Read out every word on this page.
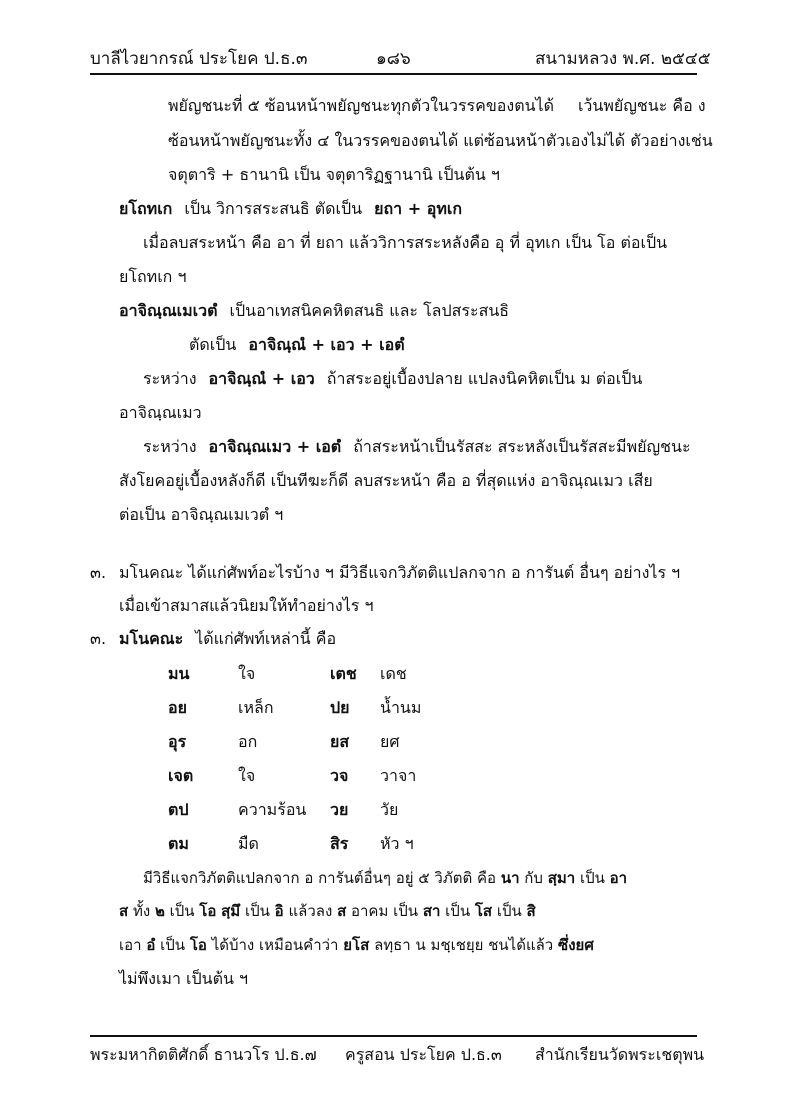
บาลีไวยากรณ์ ประโยค ป.ธ.๓	๑๘๖	สนามหลวง พ.ศ. ๒๕๔๕
พยัญชนะที่ ๕ ซ้อนหน้าพยัญชนะทุกตัวในวรรคของตนได้ เว้นพยัญชนะ คือ ง
ซ้อนหน้าพยัญชนะทั้ง ๔ ในวรรคของตนได้ แต่ซ้อนหน้าตัวเองไม่ได้ ตัวอย่างเช่น
จตุตาริ + ธานานิ เป็น จตุตาริฏฐานานิ เป็นต้น ฯ
ยโถทเก เป็น วิการสระสนธิ ตัดเป็น ยถา + อุทเก
เมื่อลบสระหน้า คือ อา ที่ ยถา แล้ววิการสระหลังคือ อุ ที่ อุทเก เป็น โอ ต่อเป็น
ยโถทเก ฯ
อาจิณฺณเมเวตํ เป็นอาเทสนิคคหิตสนธิ และ โลปสระสนธิ
ตัดเป็น อาจิณฺณํ + เอว + เอตํ
ระหว่าง อาจิณฺณํ + เอว ถ้าสระอยู่เบื้องปลาย แปลงนิคหิตเป็น ม ต่อเป็น
อาจิณฺณเมว
ระหว่าง อาจิณฺณเมว + เอตํ ถ้าสระหน้าเป็นรัสสะ สระหลังเป็นรัสสะมีพยัญชนะ
สังโยคอยู่เบื้องหลังก็ดี เป็นทีฆะก็ดี ลบสระหน้า คือ อ ที่สุดแห่ง อาจิณฺณเมว เสีย
ต่อเป็น อาจิณฺณเมเวตํ ฯ
๓. มโนคณะ ได้แก่ศัพท์อะไรบ้าง ฯ มีวิธีแจกวิภัตติแปลกจาก อ การันต์ อื่นๆ อย่างไร ฯ
เมื่อเข้าสมาสแล้วนิยมให้ทำอย่างไร ฯ
๓. มโนคณะ ได้แก่ศัพท์เหล่านี้ คือ
มน	ใจ	เตช เดช
อย	เหล็ก	ปย น้ำนม
อุร	อก	ยส ยศ
เจต	ใจ	วจ วาจา
ตป	ความร้อน วย วัย
ตม	มืด	สิร หัว ฯ
มีวิธีแจกวิภัตติแปลกจาก อ การันต์อื่นๆ อยู่ ๕ วิภัตติ คือ นา กับ สฺมา เป็น อา
ส ทั้ง ๒ เป็น โอ สฺมึ เป็น อิ แล้วลง ส อาคม เป็น สา เป็น โส เป็น สิ
เอา อํ เป็น โอ ได้บ้าง เหมือนคำว่า ยโส ลทฺธา น มชฺเชยฺย ชนได้แล้ว ซึ่งยศ
ไม่พึงเมา เป็นต้น ฯ
พระมหากิตติศักดิ์ ธานวโร ป.ธ.๗ ครูสอน ประโยค ป.ธ.๓ สำนักเรียนวัดพระเชตุพน
